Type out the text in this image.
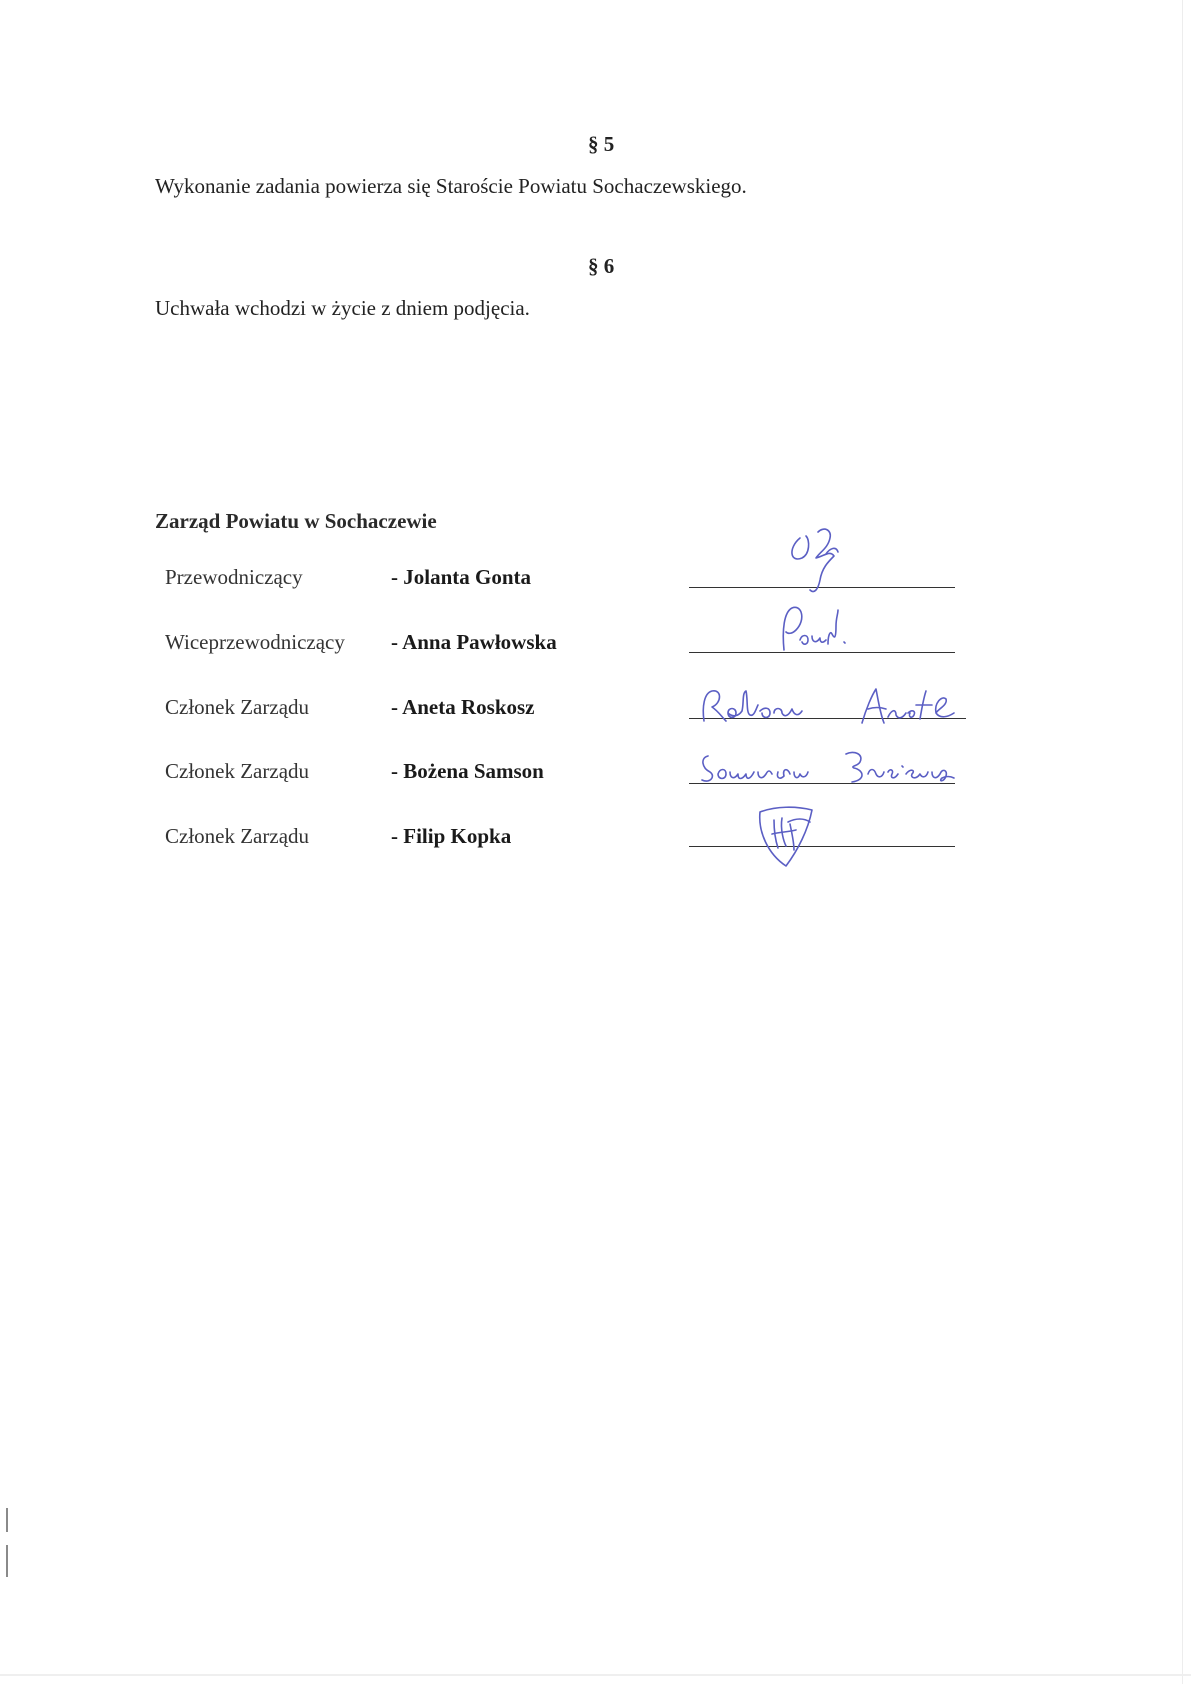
§ 5
Wykonanie zadania powierza się Staroście Powiatu Sochaczewskiego.
§ 6
Uchwała wchodzi w życie z dniem podjęcia.
Zarząd Powiatu w Sochaczewie
Przewodniczący	- Jolanta Gonta
Wiceprzewodniczący - Anna Pawłowska
Członek Zarządu	- Aneta Roskosz
Członek Zarządu	- Bożena Samson
Członek Zarządu	- Filip Kopka
